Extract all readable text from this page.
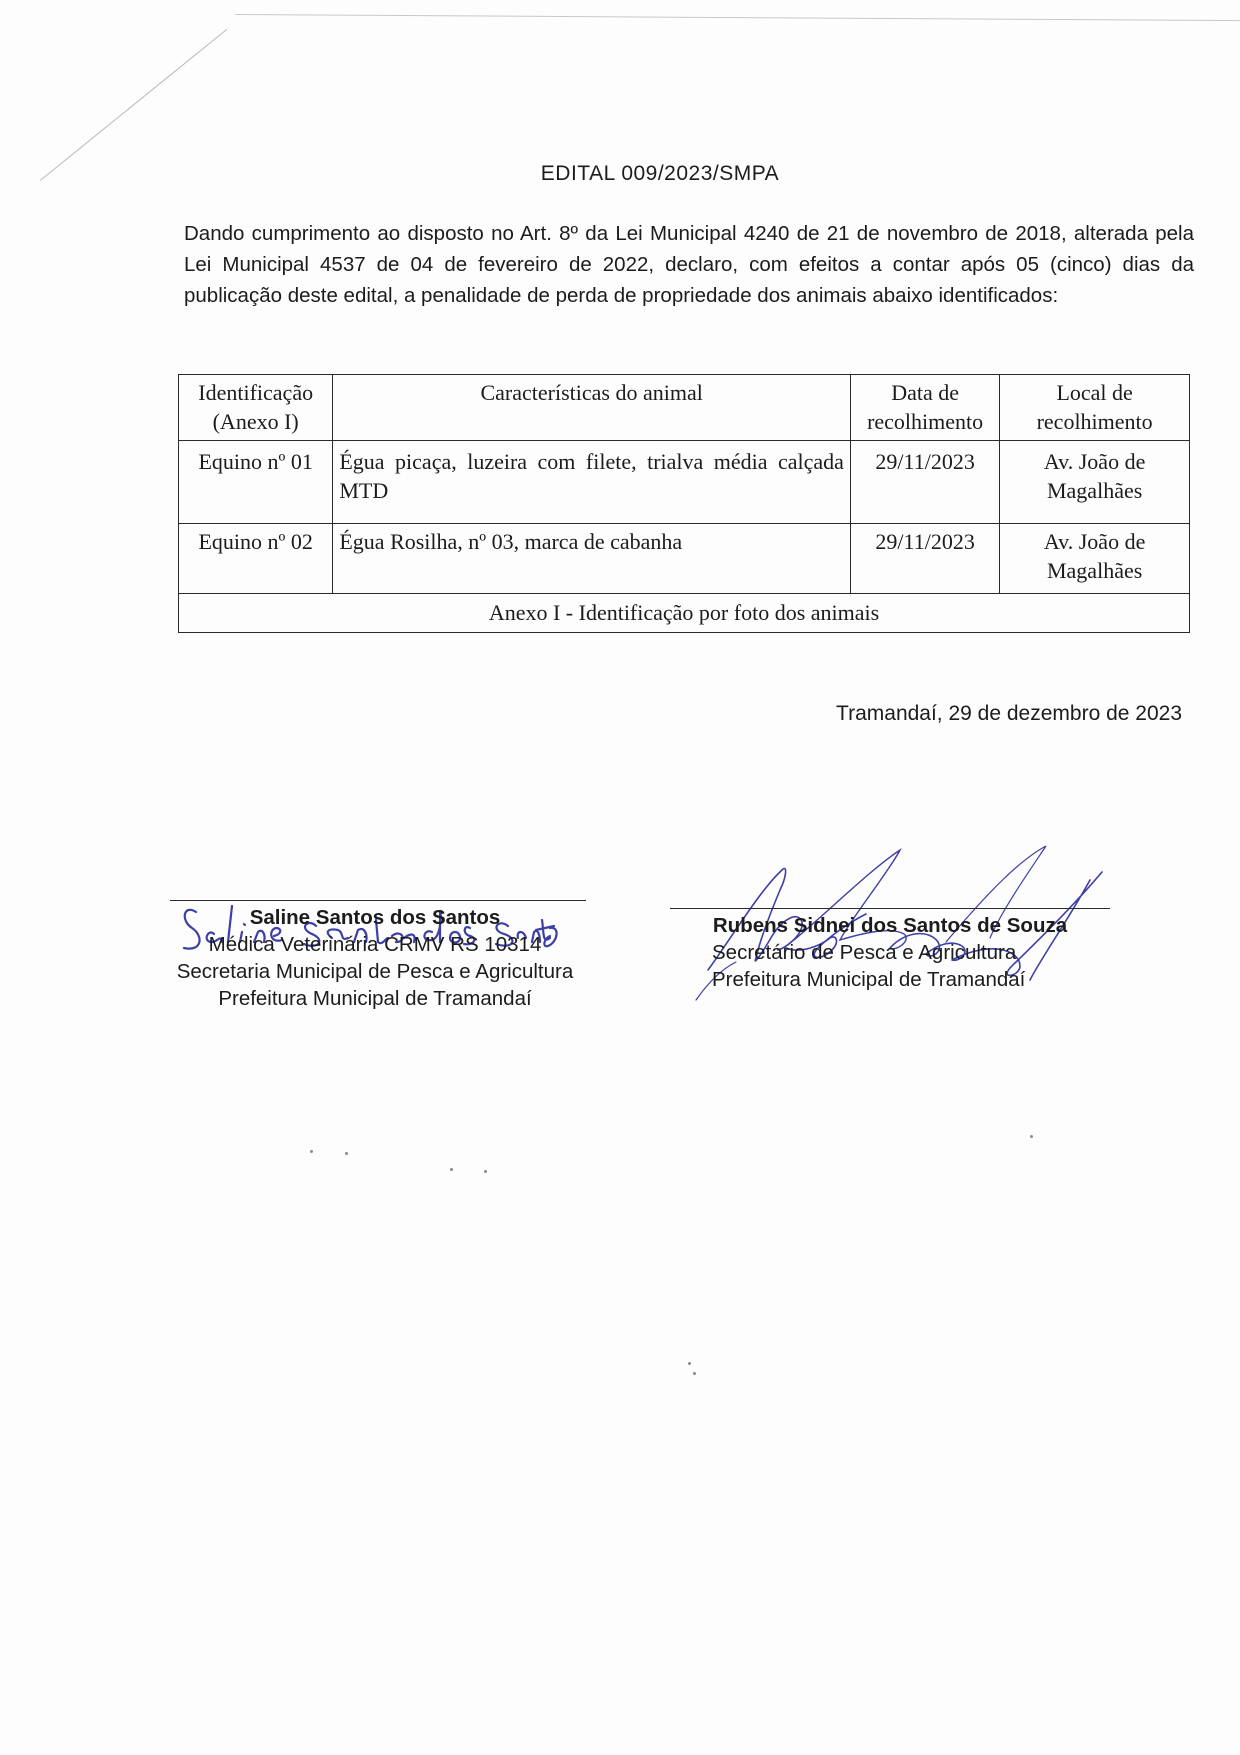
EDITAL 009/2023/SMPA
Dando cumprimento ao disposto no Art. 8º da Lei Municipal 4240 de 21 de novembro de 2018, alterada pela Lei Municipal 4537 de 04 de fevereiro de 2022, declaro, com efeitos a contar após 05 (cinco) dias da publicação deste edital, a penalidade de perda de propriedade dos animais abaixo identificados:
Identificação (Anexo I)	Características do animal	Data de recolhimento	Local de recolhimento
Equino nº 01	Égua picaça, luzeira com filete, trialva média calçada MTD	29/11/2023	Av. João de Magalhães
Equino nº 02	Égua Rosilha, nº 03, marca de cabanha	29/11/2023	Av. João de Magalhães
Anexo I - Identificação por foto dos animais			
Tramandaí, 29 de dezembro de 2023
Saline Santos dos Santos
Médica Veterinária CRMV RS 10314
Secretaria Municipal de Pesca e Agricultura
Prefeitura Municipal de Tramandaí
Rubens Sidnei dos Santos de Souza
Secretário de Pesca e Agricultura
Prefeitura Municipal de Tramandaí
